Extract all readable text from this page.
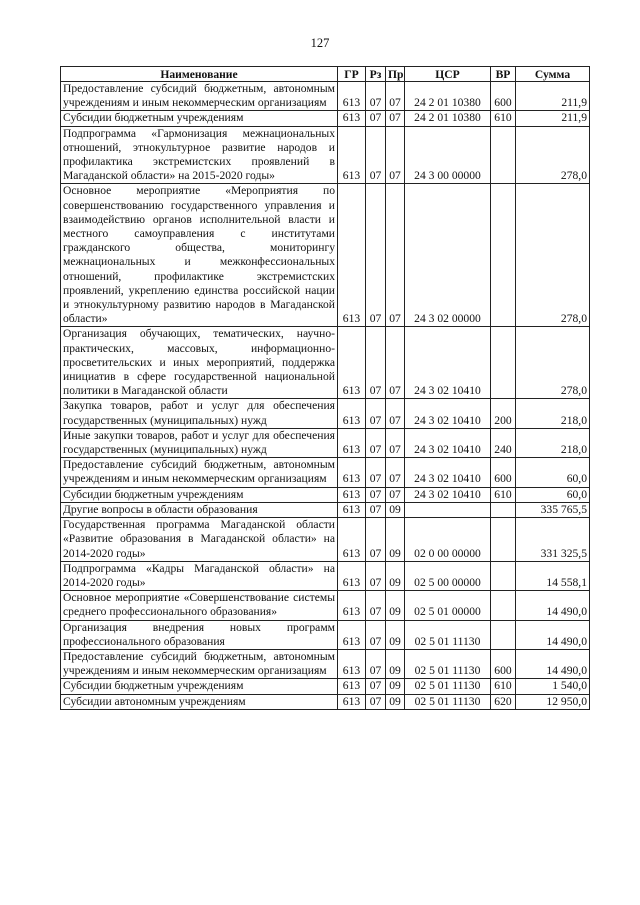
127
Наименование	ГР	Рз	Пр	ЦСР	ВР	Сумма
Предоставление субсидий бюджетным, автономным учреждениям и иным некоммерческим организациям	613	07	07	24 2 01 10380	600	211,9
Субсидии бюджетным учреждениям	613	07	07	24 2 01 10380	610	211,9
Подпрограмма «Гармонизация межнациональных отношений, этнокультурное развитие народов и профилактика экстремистских проявлений в Магаданской области» на 2015-2020 годы»	613	07	07	24 3 00 00000		278,0
Основное мероприятие «Мероприятия по совершенствованию государственного управления и взаимодействию органов исполнительной власти и местного самоуправления с институтами гражданского общества, мониторингу межнациональных и межконфессиональных отношений, профилактике экстремистских проявлений, укреплению единства российской нации и этнокультурному развитию народов в Магаданской области»	613	07	07	24 3 02 00000		278,0
Организация обучающих, тематических, научно-практических, массовых, информационно-просветительских и иных мероприятий, поддержка инициатив в сфере государственной национальной политики в Магаданской области	613	07	07	24 3 02 10410		278,0
Закупка товаров, работ и услуг для обеспечения государственных (муниципальных) нужд	613	07	07	24 3 02 10410	200	218,0
Иные закупки товаров, работ и услуг для обеспечения государственных (муниципальных) нужд	613	07	07	24 3 02 10410	240	218,0
Предоставление субсидий бюджетным, автономным учреждениям и иным некоммерческим организациям	613	07	07	24 3 02 10410	600	60,0
Субсидии бюджетным учреждениям	613	07	07	24 3 02 10410	610	60,0
Другие вопросы в области образования	613	07	09			335 765,5
Государственная программа Магаданской области «Развитие образования в Магаданской области» на 2014-2020 годы»	613	07	09	02 0 00 00000		331 325,5
Подпрограмма «Кадры Магаданской области» на 2014-2020 годы»	613	07	09	02 5 00 00000		14 558,1
Основное мероприятие «Совершенствование системы среднего профессионального образования»	613	07	09	02 5 01 00000		14 490,0
Организация внедрения новых программ профессионального образования	613	07	09	02 5 01 11130		14 490,0
Предоставление субсидий бюджетным, автономным учреждениям и иным некоммерческим организациям	613	07	09	02 5 01 11130	600	14 490,0
Субсидии бюджетным учреждениям	613	07	09	02 5 01 11130	610	1 540,0
Субсидии автономным учреждениям	613	07	09	02 5 01 11130	620	12 950,0
